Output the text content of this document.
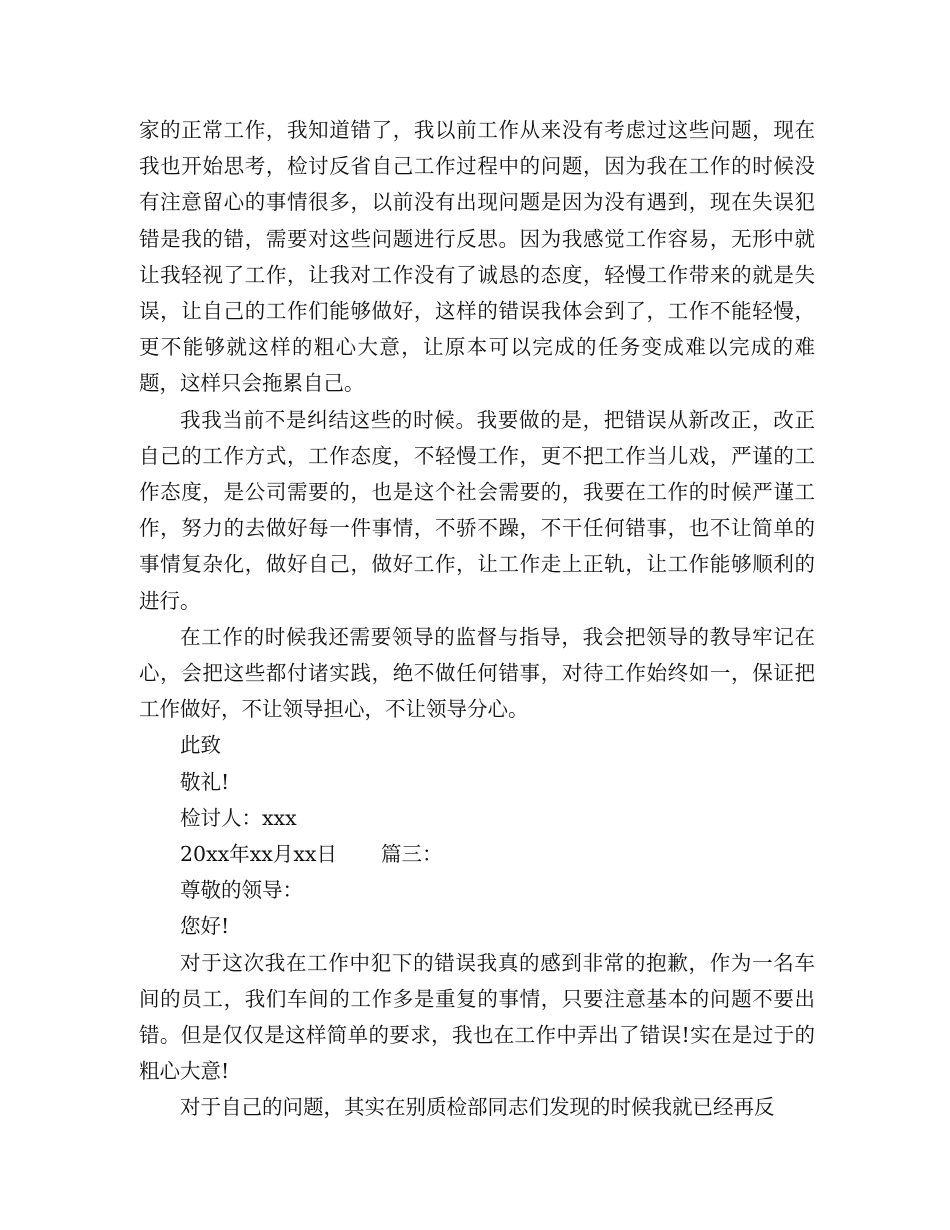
家的正常工作，我知道错了，我以前工作从来没有考虑过这些问题，现在我也开始思考，检讨反省自己工作过程中的问题，因为我在工作的时候没有注意留心的事情很多，以前没有出现问题是因为没有遇到，现在失误犯错是我的错，需要对这些问题进行反思。因为我感觉工作容易，无形中就让我轻视了工作，让我对工作没有了诚恳的态度，轻慢工作带来的就是失误，让自己的工作们能够做好，这样的错误我体会到了，工作不能轻慢，更不能够就这样的粗心大意，让原本可以完成的任务变成难以完成的难题，这样只会拖累自己。

我我当前不是纠结这些的时候。我要做的是，把错误从新改正，改正自己的工作方式，工作态度，不轻慢工作，更不把工作当儿戏，严谨的工作态度，是公司需要的，也是这个社会需要的，我要在工作的时候严谨工作，努力的去做好每一件事情，不骄不躁，不干任何错事，也不让简单的事情复杂化，做好自己，做好工作，让工作走上正轨，让工作能够顺利的进行。

在工作的时候我还需要领导的监督与指导，我会把领导的教导牢记在心，会把这些都付诸实践，绝不做任何错事，对待工作始终如一，保证把工作做好，不让领导担心，不让领导分心。

此致

敬礼!

检讨人：xxx

20xx年xx月xx日 篇三：

尊敬的领导：

您好!

对于这次我在工作中犯下的错误我真的感到非常的抱歉，作为一名车间的员工，我们车间的工作多是重复的事情，只要注意基本的问题不要出错。但是仅仅是这样简单的要求，我也在工作中弄出了错误!实在是过于的粗心大意!

对于自己的问题，其实在别质检部同志们发现的时候我就已经再反
